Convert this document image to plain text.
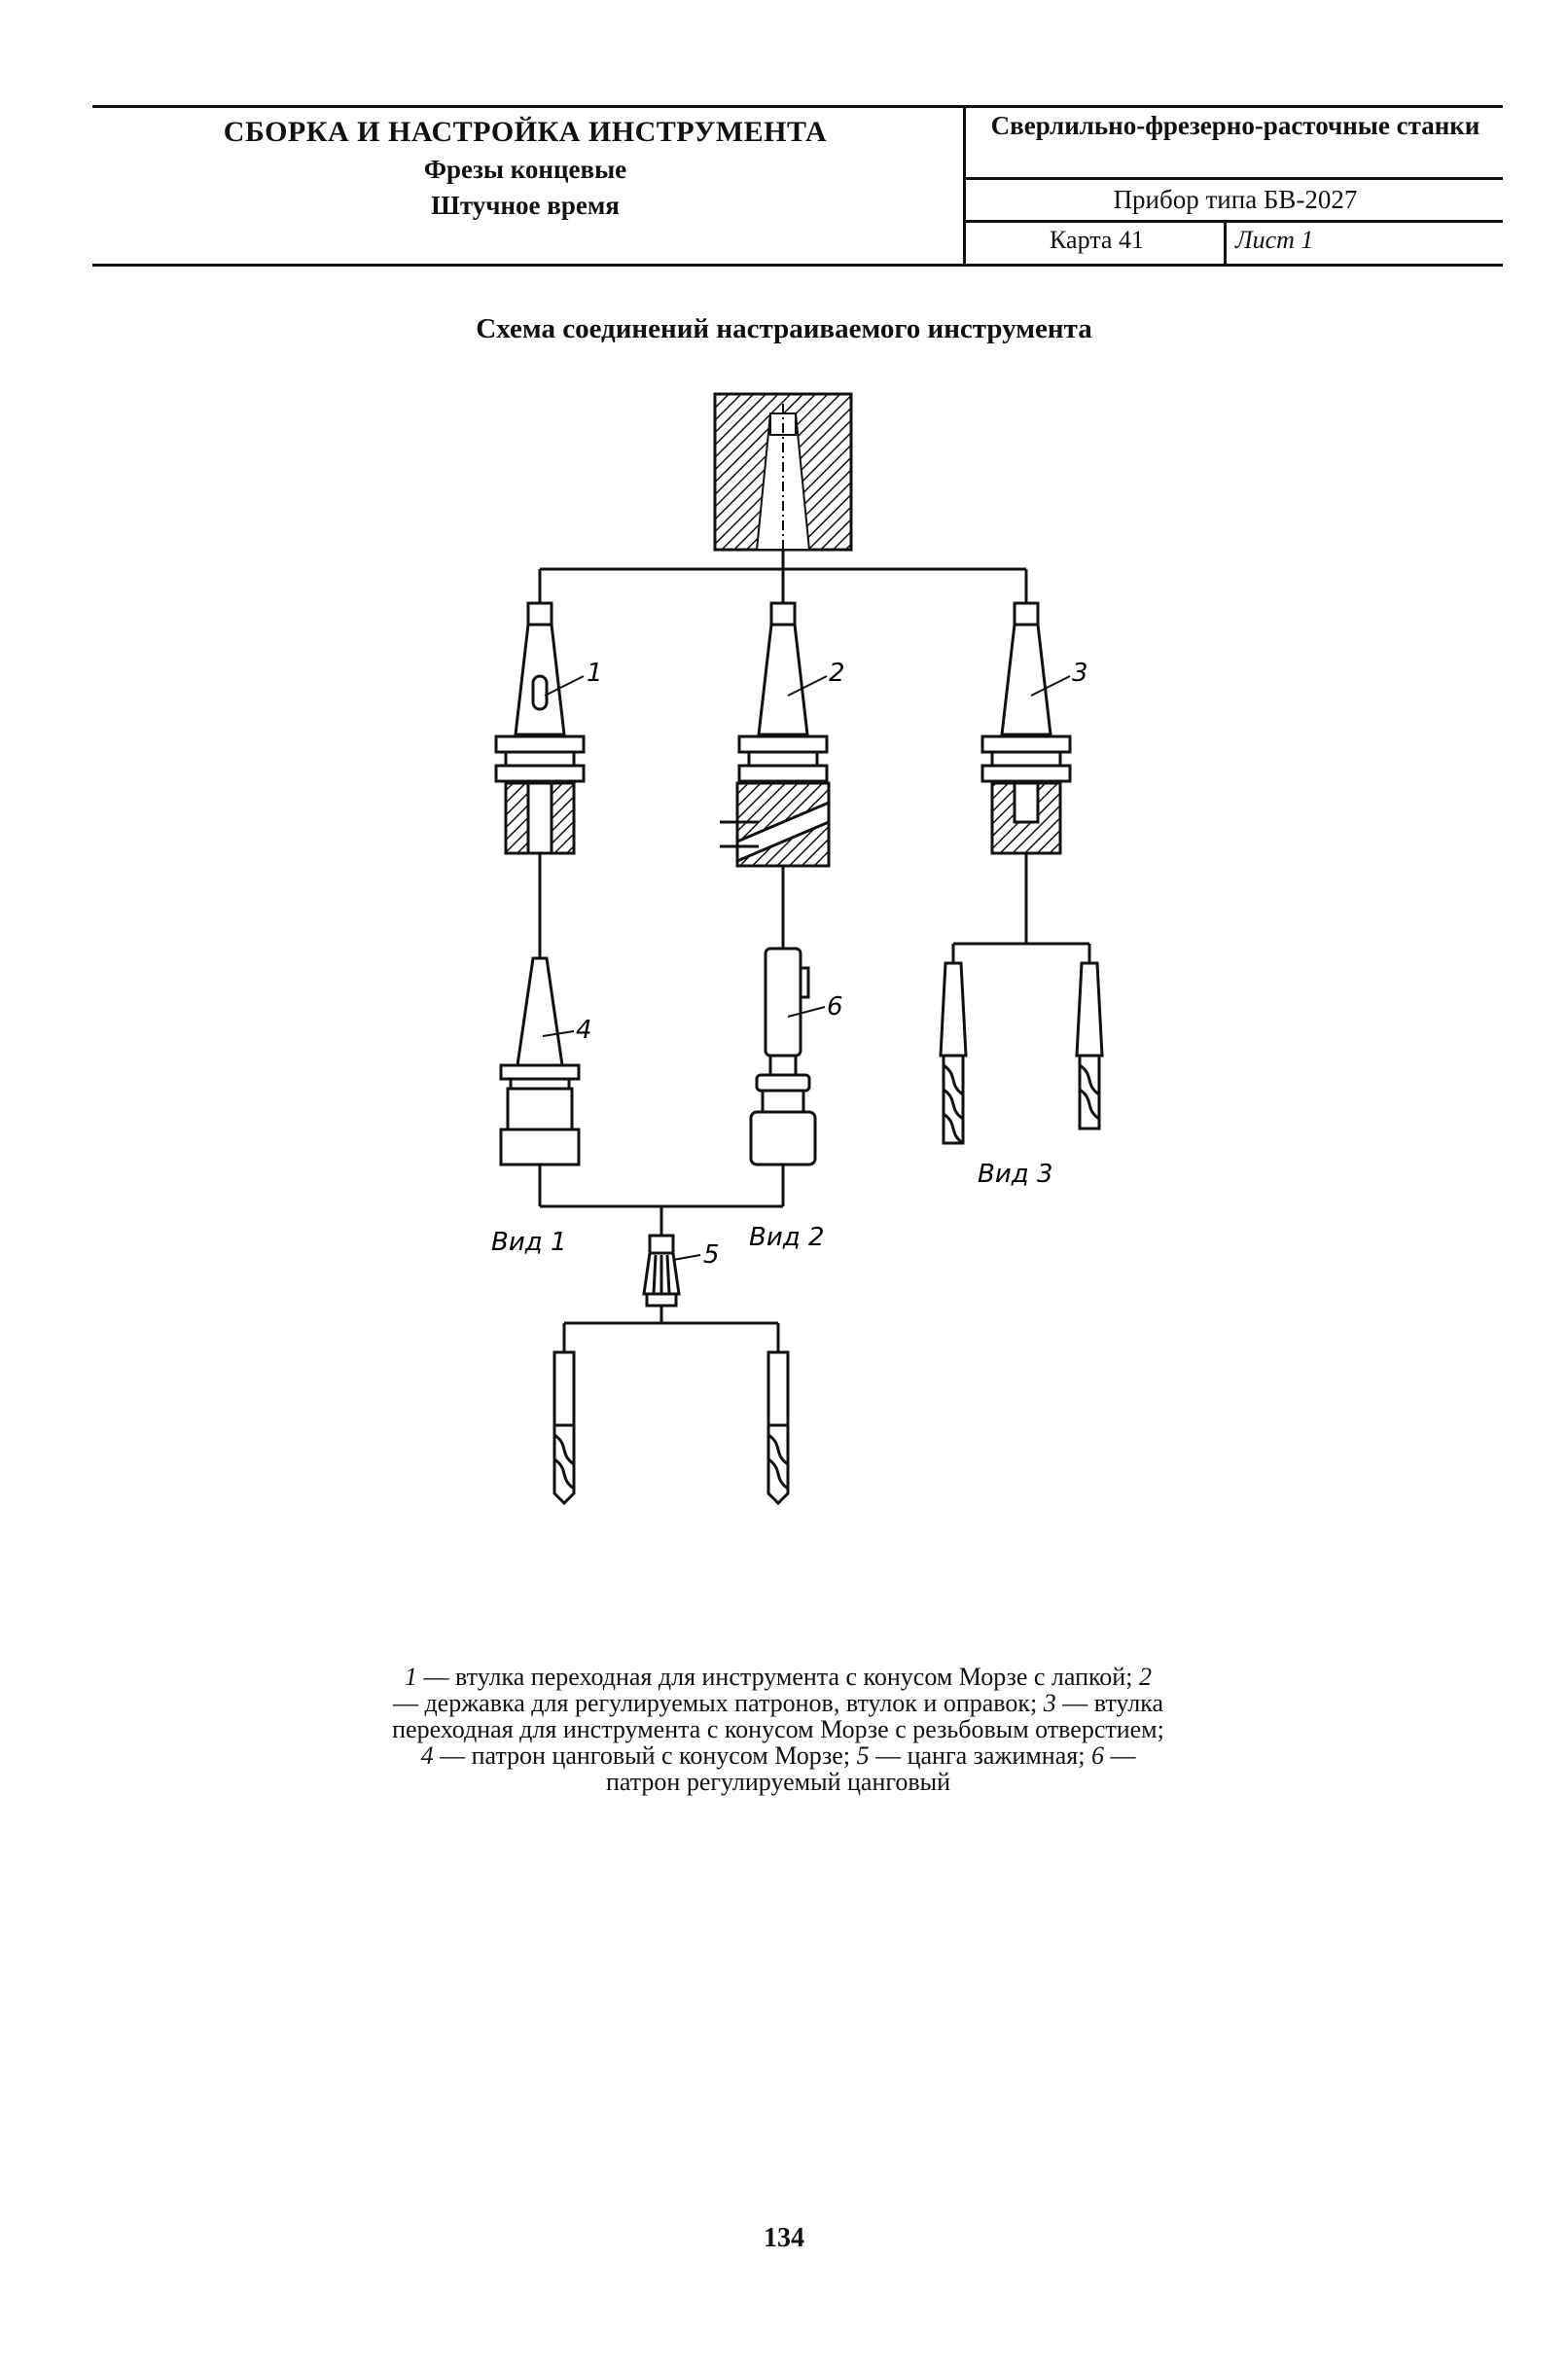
СБОРКА И НАСТРОЙКА ИНСТРУМЕНТА
Фрезы концевые
Штучное время
Сверлильно-фрезерно-расточные станки
Прибор типа БВ-2027
Карта 41	Лист 1
Схема соединений настраиваемого инструмента
1	2	3
4
6
5
Вид 1	Вид 2
Вид 3
1 — втулка переходная для инструмента с конусом Морзе с лапкой; 2 — державка для регулируемых патронов, втулок и оправок; 3 — втулка переходная для инструмента с конусом Морзе с резьбовым отверстием; 4 — патрон цанговый с конусом Морзе; 5 — цанга зажимная; 6 — патрон регулируемый цанговый
134
